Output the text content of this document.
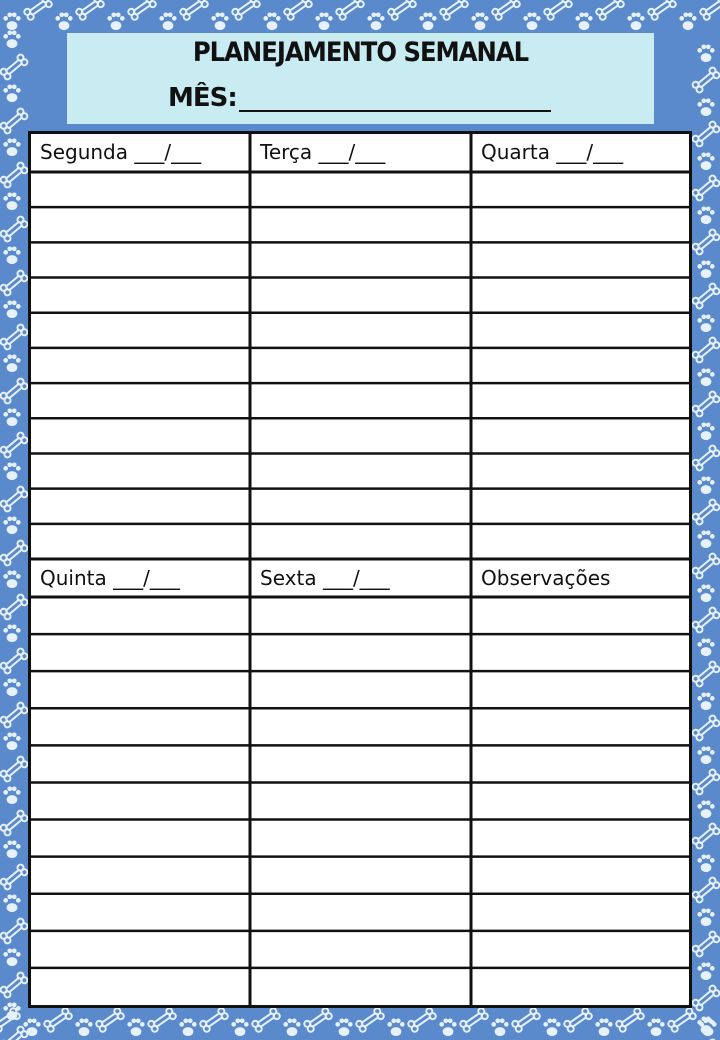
PLANEJAMENTO SEMANAL
MÊS:
Segunda ___/___	Terça ___/___	Quarta ___/___
Quinta ___/___	Sexta ___/___	Observações
